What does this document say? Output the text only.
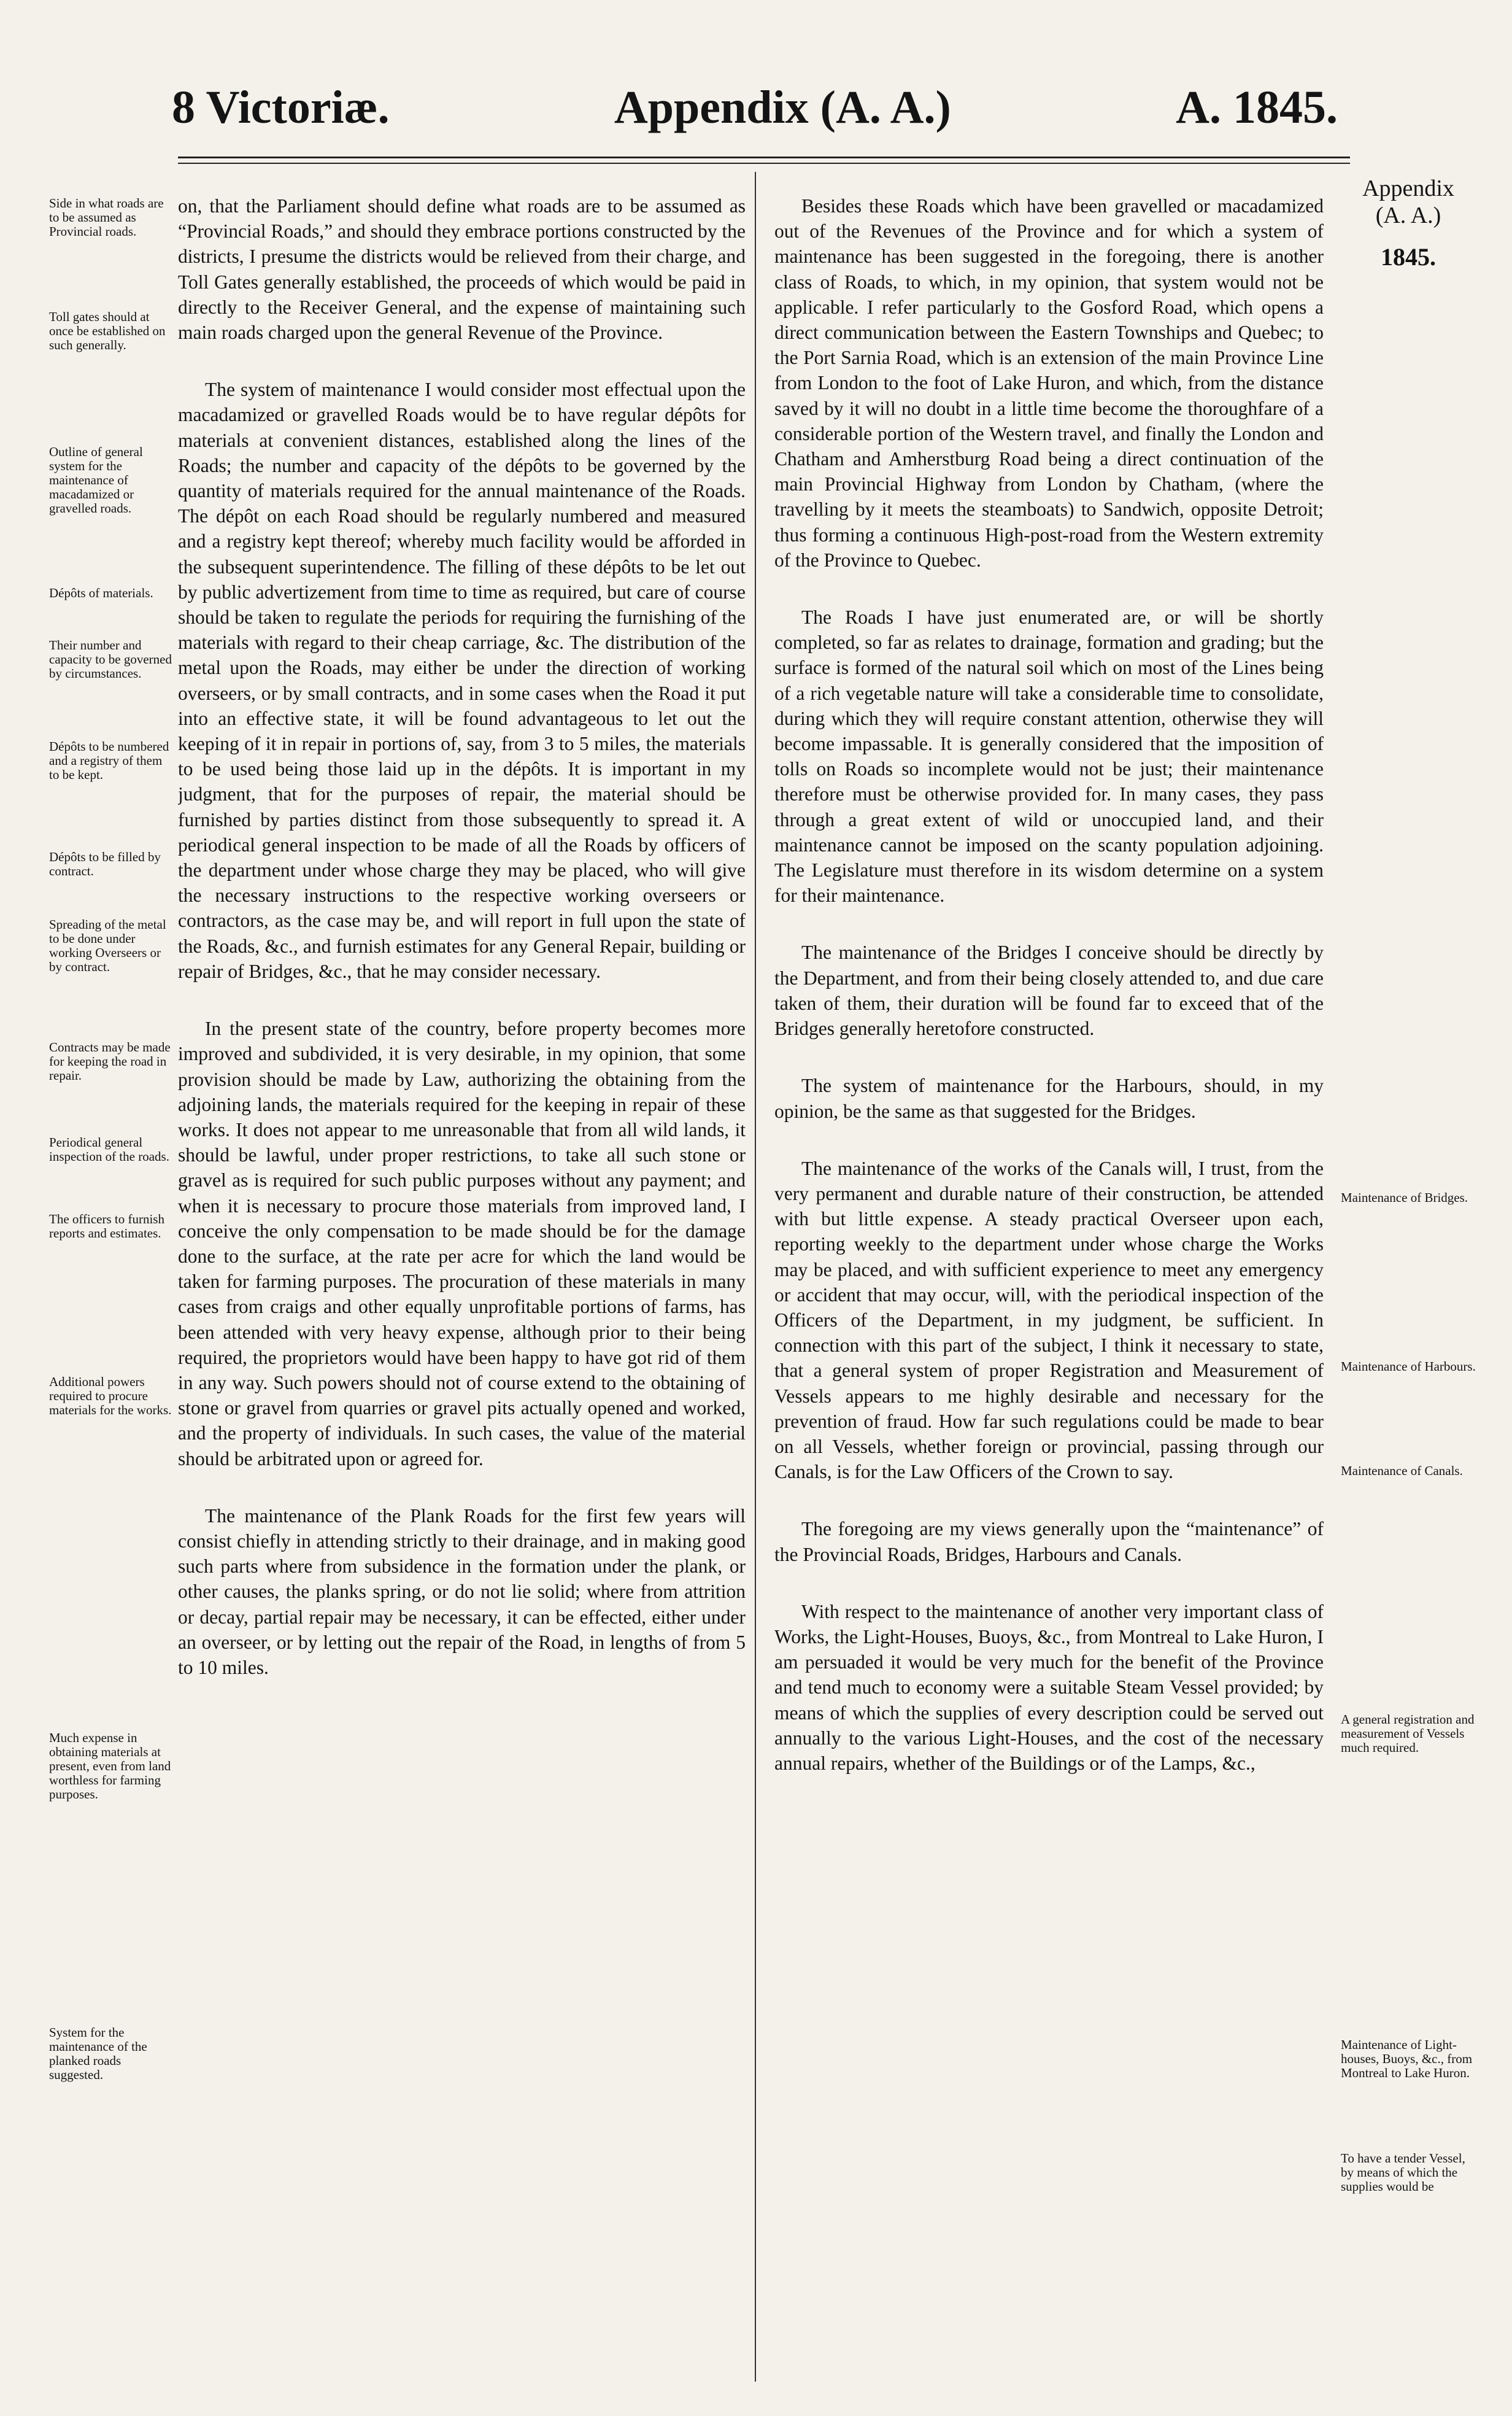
8 Victoriæ.	Appendix (A. A.)	A. 1845.
Appendix
(A. A.)
1845.
Side in what roads are to be assumed as Provincial roads.
Toll gates should at once be established on such generally.
Outline of general system for the maintenance of macadamized or gravelled roads.
Dépôts of materials.
Their number and capacity to be governed by circumstances.
Dépôts to be numbered and a registry of them to be kept.
Dépôts to be filled by contract.
Spreading of the metal to be done under working Overseers or by contract.
Contracts may be made for keeping the road in repair.
Periodical general inspection of the roads.
The officers to furnish reports and estimates.
Additional powers required to procure materials for the works.
Much expense in obtaining materials at present, even from land worthless for farming purposes.
System for the maintenance of the planked roads suggested.
Maintenance of Bridges.
Maintenance of Harbours.
Maintenance of Canals.
A general registration and measurement of Vessels much required.
Maintenance of Light-houses, Buoys, &c., from Montreal to Lake Huron.
To have a tender Vessel, by means of which the supplies would be

on, that the Parliament should define what roads are to be assumed as “Provincial Roads,” and should they embrace portions constructed by the districts, I presume the districts would be relieved from their charge, and Toll Gates generally established, the proceeds of which would be paid in directly to the Receiver General, and the expense of maintaining such main roads charged upon the general Revenue of the Province.

The system of maintenance I would consider most effectual upon the macadamized or gravelled Roads would be to have regular dépôts for materials at convenient distances, established along the lines of the Roads; the number and capacity of the dépôts to be governed by the quantity of materials required for the annual maintenance of the Roads. The dépôt on each Road should be regularly numbered and measured and a registry kept thereof; whereby much facility would be afforded in the subsequent superintendence. The filling of these dépôts to be let out by public advertizement from time to time as required, but care of course should be taken to regulate the periods for requiring the furnishing of the materials with regard to their cheap carriage, &c. The distribution of the metal upon the Roads, may either be under the direction of working overseers, or by small contracts, and in some cases when the Road it put into an effective state, it will be found advantageous to let out the keeping of it in repair in portions of, say, from 3 to 5 miles, the materials to be used being those laid up in the dépôts. It is important in my judgment, that for the purposes of repair, the material should be furnished by parties distinct from those subsequently to spread it. A periodical general inspection to be made of all the Roads by officers of the department under whose charge they may be placed, who will give the necessary instructions to the respective working overseers or contractors, as the case may be, and will report in full upon the state of the Roads, &c., and furnish estimates for any General Repair, building or repair of Bridges, &c., that he may consider necessary.

In the present state of the country, before property becomes more improved and subdivided, it is very desirable, in my opinion, that some provision should be made by Law, authorizing the obtaining from the adjoining lands, the materials required for the keeping in repair of these works. It does not appear to me unreasonable that from all wild lands, it should be lawful, under proper restrictions, to take all such stone or gravel as is required for such public purposes without any payment; and when it is necessary to procure those materials from improved land, I conceive the only compensation to be made should be for the damage done to the surface, at the rate per acre for which the land would be taken for farming purposes. The procuration of these materials in many cases from craigs and other equally unprofitable portions of farms, has been attended with very heavy expense, although prior to their being required, the proprietors would have been happy to have got rid of them in any way. Such powers should not of course extend to the obtaining of stone or gravel from quarries or gravel pits actually opened and worked, and the property of individuals. In such cases, the value of the material should be arbitrated upon or agreed for.

The maintenance of the Plank Roads for the first few years will consist chiefly in attending strictly to their drainage, and in making good such parts where from subsidence in the formation under the plank, or other causes, the planks spring, or do not lie solid; where from attrition or decay, partial repair may be necessary, it can be effected, either under an overseer, or by letting out the repair of the Road, in lengths of from 5 to 10 miles.

Besides these Roads which have been gravelled or macadamized out of the Revenues of the Province and for which a system of maintenance has been suggested in the foregoing, there is another class of Roads, to which, in my opinion, that system would not be applicable. I refer particularly to the Gosford Road, which opens a direct communication between the Eastern Townships and Quebec; to the Port Sarnia Road, which is an extension of the main Province Line from London to the foot of Lake Huron, and which, from the distance saved by it will no doubt in a little time become the thoroughfare of a considerable portion of the Western travel, and finally the London and Chatham and Amherstburg Road being a direct continuation of the main Provincial Highway from London by Chatham, (where the travelling by it meets the steamboats) to Sandwich, opposite Detroit; thus forming a continuous High-post-road from the Western extremity of the Province to Quebec.

The Roads I have just enumerated are, or will be shortly completed, so far as relates to drainage, formation and grading; but the surface is formed of the natural soil which on most of the Lines being of a rich vegetable nature will take a considerable time to consolidate, during which they will require constant attention, otherwise they will become impassable. It is generally considered that the imposition of tolls on Roads so incomplete would not be just; their maintenance therefore must be otherwise provided for. In many cases, they pass through a great extent of wild or unoccupied land, and their maintenance cannot be imposed on the scanty population adjoining. The Legislature must therefore in its wisdom determine on a system for their maintenance.

The maintenance of the Bridges I conceive should be directly by the Department, and from their being closely attended to, and due care taken of them, their duration will be found far to exceed that of the Bridges generally heretofore constructed.

The system of maintenance for the Harbours, should, in my opinion, be the same as that suggested for the Bridges.

The maintenance of the works of the Canals will, I trust, from the very permanent and durable nature of their construction, be attended with but little expense. A steady practical Overseer upon each, reporting weekly to the department under whose charge the Works may be placed, and with sufficient experience to meet any emergency or accident that may occur, will, with the periodical inspection of the Officers of the Department, in my judgment, be sufficient. In connection with this part of the subject, I think it necessary to state, that a general system of proper Registration and Measurement of Vessels appears to me highly desirable and necessary for the prevention of fraud. How far such regulations could be made to bear on all Vessels, whether foreign or provincial, passing through our Canals, is for the Law Officers of the Crown to say.

The foregoing are my views generally upon the “maintenance” of the Provincial Roads, Bridges, Harbours and Canals.

With respect to the maintenance of another very important class of Works, the Light-Houses, Buoys, &c., from Montreal to Lake Huron, I am persuaded it would be very much for the benefit of the Province and tend much to economy were a suitable Steam Vessel provided; by means of which the supplies of every description could be served out annually to the various Light-Houses, and the cost of the necessary annual repairs, whether of the Buildings or of the Lamps, &c.,
